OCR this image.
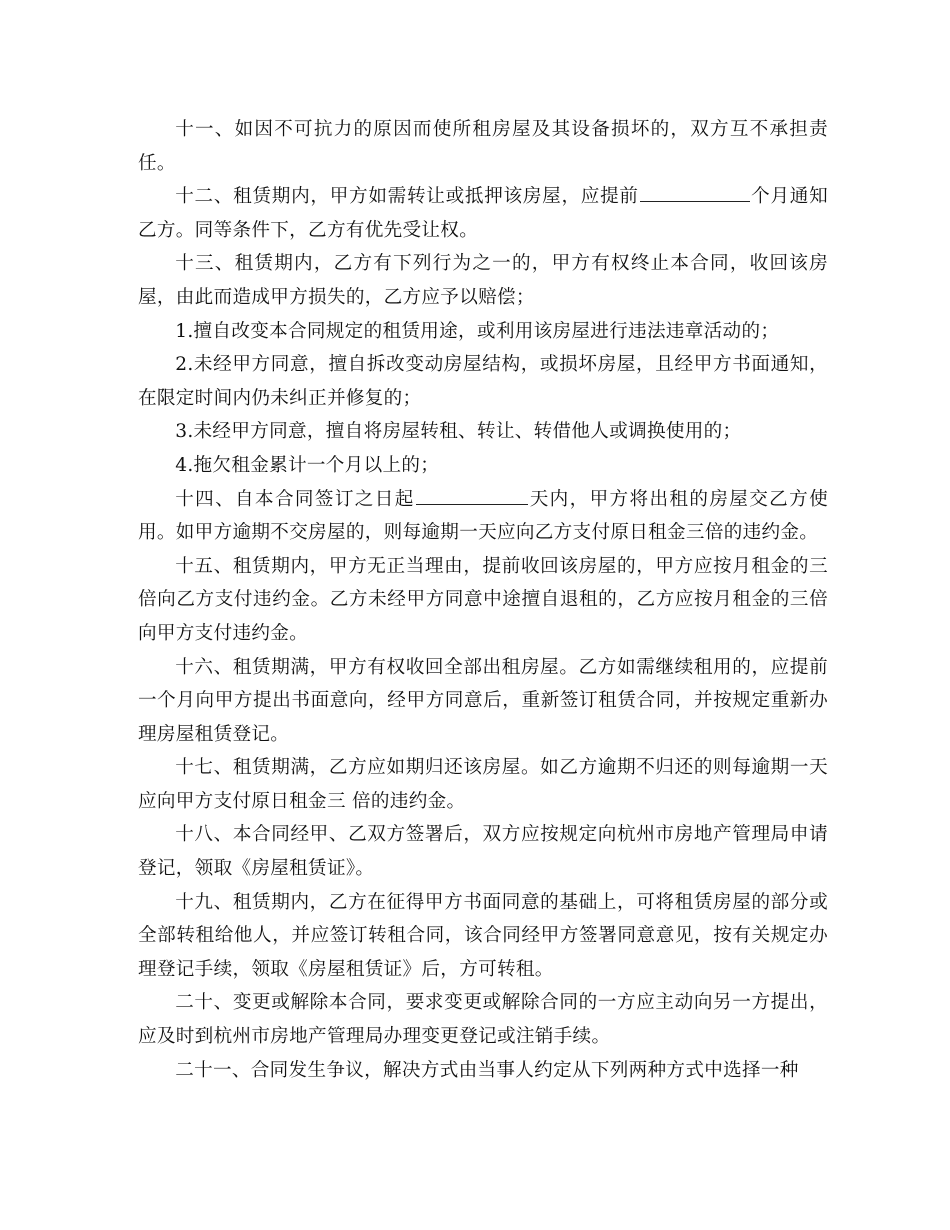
十一、如因不可抗力的原因而使所租房屋及其设备损坏的，双方互不承担责任。

十二、租赁期内，甲方如需转让或抵押该房屋，应提前	个月通知乙方。同等条件下，乙方有优先受让权。

十三、租赁期内，乙方有下列行为之一的，甲方有权终止本合同，收回该房屋，由此而造成甲方损失的，乙方应予以赔偿；

1.擅自改变本合同规定的租赁用途，或利用该房屋进行违法违章活动的；

2.未经甲方同意，擅自拆改变动房屋结构，或损坏房屋，且经甲方书面通知，在限定时间内仍未纠正并修复的；

3.未经甲方同意，擅自将房屋转租、转让、转借他人或调换使用的；

4.拖欠租金累计一个月以上的；

十四、自本合同签订之日起	天内，甲方将出租的房屋交乙方使用。如甲方逾期不交房屋的，则每逾期一天应向乙方支付原日租金三倍的违约金。

十五、租赁期内，甲方无正当理由，提前收回该房屋的，甲方应按月租金的三倍向乙方支付违约金。乙方未经甲方同意中途擅自退租的，乙方应按月租金的三倍向甲方支付违约金。

十六、租赁期满，甲方有权收回全部出租房屋。乙方如需继续租用的，应提前一个月向甲方提出书面意向，经甲方同意后，重新签订租赁合同，并按规定重新办理房屋租赁登记。

十七、租赁期满，乙方应如期归还该房屋。如乙方逾期不归还的则每逾期一天应向甲方支付原日租金三 倍的违约金。

十八、本合同经甲、乙双方签署后，双方应按规定向杭州市房地产管理局申请登记，领取《房屋租赁证》。

十九、租赁期内，乙方在征得甲方书面同意的基础上，可将租赁房屋的部分或全部转租给他人，并应签订转租合同，该合同经甲方签署同意意见，按有关规定办理登记手续，领取《房屋租赁证》后，方可转租。

二十、变更或解除本合同，要求变更或解除合同的一方应主动向另一方提出，应及时到杭州市房地产管理局办理变更登记或注销手续。

二十一、合同发生争议，解决方式由当事人约定从下列两种方式中选择一种
